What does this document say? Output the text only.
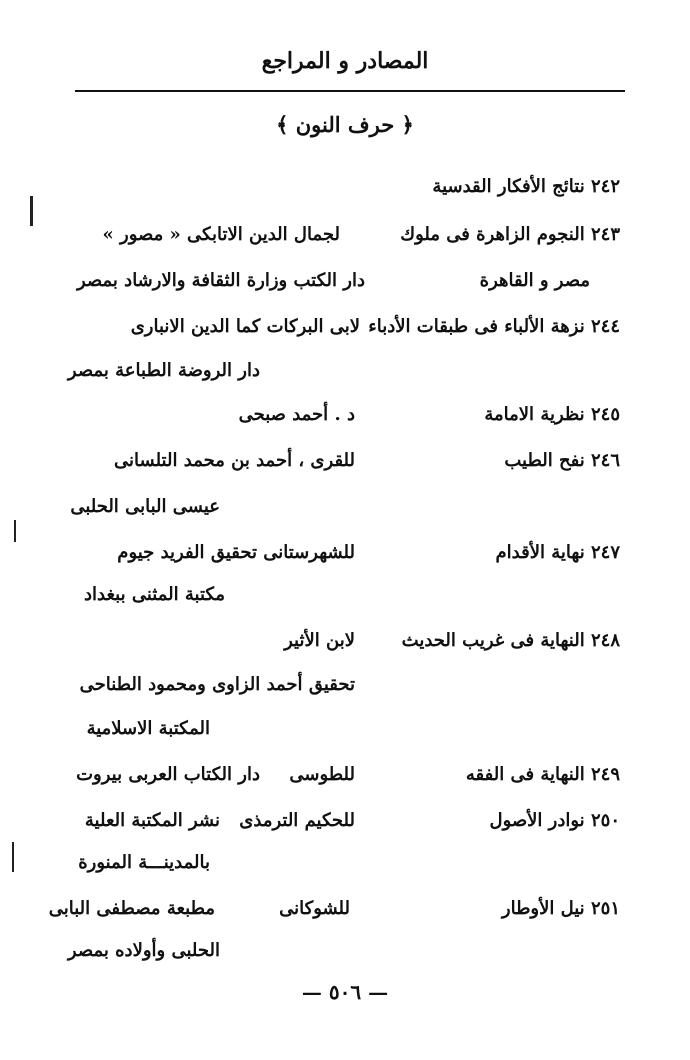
المصادر و المراجع
﴿ حرف النون ﴾
٢٤٢ نتائج الأفكار القدسية
٢٤٣ النجوم الزاهرة فى ملوك
لجمال الدين الاتابكى « مصور »
مصر و القاهرة
دار الكتب وزارة الثقافة والارشاد بمصر
٢٤٤ نزهة الألباء فى طبقات الأدباء
لابى البركات كما الدين الانبارى
دار الروضة الطباعة بمصر
٢٤٥ نظرية الامامة
د . أحمد صبحى
٢٤٦ نفح الطيب
للقرى ، أحمد بن محمد التلسانى
عيسى البابى الحلبى
٢٤٧ نهاية الأقدام
للشهرستانى تحقيق الفريد جيوم
مكتبة المثنى ببغداد
٢٤٨ النهاية فى غريب الحديث
لابن الأثير
تحقيق أحمد الزاوى ومحمود الطناحى
المكتبة الاسلامية
٢٤٩ النهاية فى الفقه
للطوسى
دار الكتاب العربى بيروت
٢٥٠ نوادر الأصول
للحكيم الترمذى
نشر المكتبة العلية
بالمدينـــة المنورة
٢٥١ نيل الأوطار
للشوكانى
مطبعة مصطفى البابى
الحلبى وأولاده بمصر
— ٥٠٦ —
